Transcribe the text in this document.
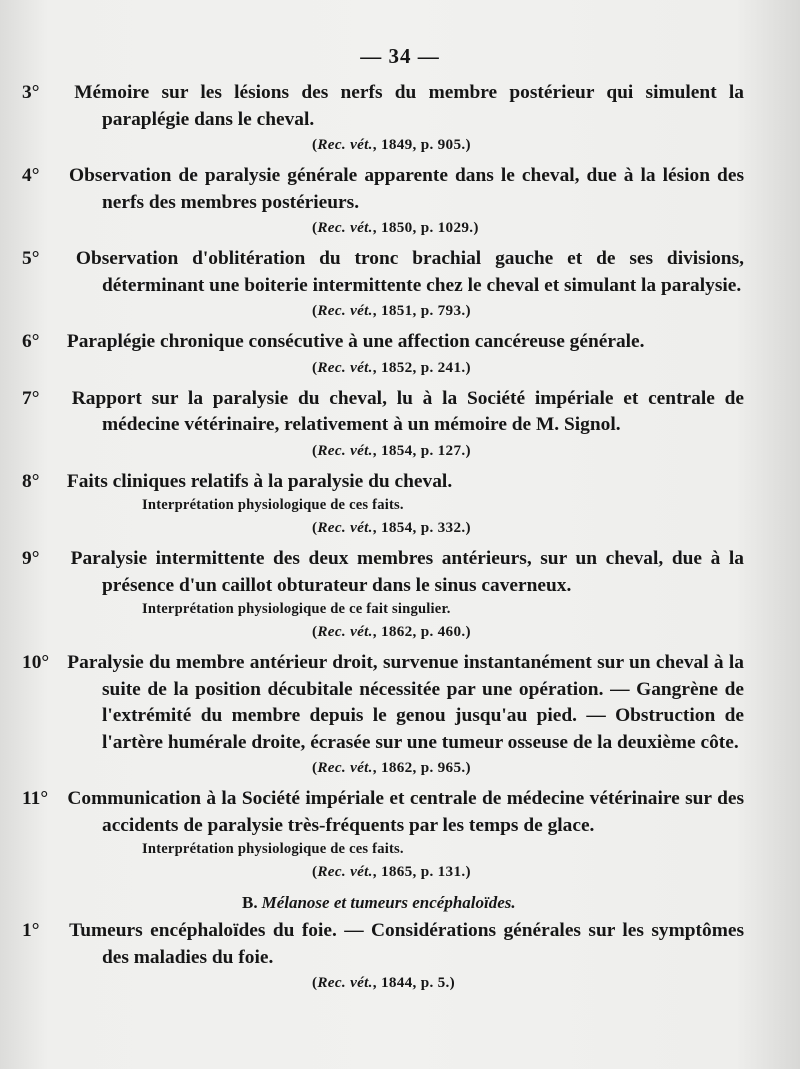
— 34 —
3° Mémoire sur les lésions des nerfs du membre postérieur qui simulent la paraplégie dans le cheval.
(Rec. vét., 1849, p. 905.)
4° Observation de paralysie générale apparente dans le cheval, due à la lésion des nerfs des membres postérieurs.
(Rec. vét., 1850, p. 1029.)
5° Observation d'oblitération du tronc brachial gauche et de ses divisions, déterminant une boiterie intermittente chez le cheval et simulant la paralysie.
(Rec. vét., 1851, p. 793.)
6° Paraplégie chronique consécutive à une affection cancéreuse générale.
(Rec. vét., 1852, p. 241.)
7° Rapport sur la paralysie du cheval, lu à la Société impériale et centrale de médecine vétérinaire, relativement à un mémoire de M. Signol.
(Rec. vét., 1854, p. 127.)
8° Faits cliniques relatifs à la paralysie du cheval.
Interprétation physiologique de ces faits.
(Rec. vét., 1854, p. 332.)
9° Paralysie intermittente des deux membres antérieurs, sur un cheval, due à la présence d'un caillot obturateur dans le sinus caverneux.
Interprétation physiologique de ce fait singulier.
(Rec. vét., 1862, p. 460.)
10° Paralysie du membre antérieur droit, survenue instantanément sur un cheval à la suite de la position décubitale nécessitée par une opération. — Gangrène de l'extrémité du membre depuis le genou jusqu'au pied. — Obstruction de l'artère humérale droite, écrasée sur une tumeur osseuse de la deuxième côte.
(Rec. vét., 1862, p. 965.)
11° Communication à la Société impériale et centrale de médecine vétérinaire sur des accidents de paralysie très-fréquents par les temps de glace.
Interprétation physiologique de ces faits.
(Rec. vét., 1865, p. 131.)
B. Mélanose et tumeurs encéphaloïdes.
1° Tumeurs encéphaloïdes du foie. — Considérations générales sur les symptômes des maladies du foie.
(Rec. vét., 1844, p. 5.)
